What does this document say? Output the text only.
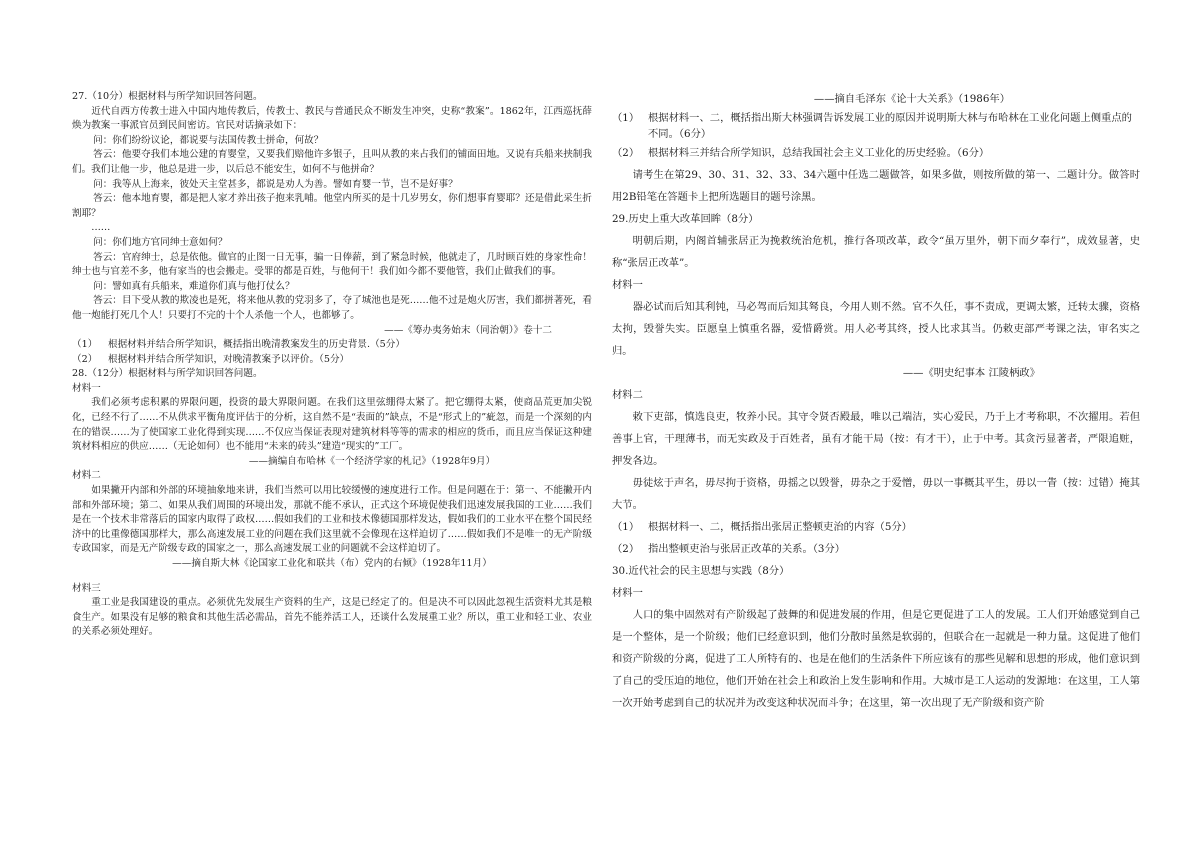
27.（10分）根据材料与所学知识回答问题。

近代自西方传教士进入中国内地传教后，传教士、教民与普通民众不断发生冲突，史称“教案”。1862年，江西巡抚薛焕为教案一事派官员到民间密访。官民对话摘录如下：

问：你们纷纷议论，都说要与法国传教士拼命，何故？

答云：他要夺我们本地公建的育婴堂，又要我们赔他许多银子，且叫从教的来占我们的铺面田地。又说有兵船来挟制我们。我们让他一步，他总是进一步，以后总不能安生，如何不与他拼命？

问：我等从上海来，彼处天主堂甚多，都说是劝人为善。譬如育婴一节，岂不是好事？

答云：他本地育婴，都是把人家才养出孩子抱来乳哺。他堂内所买的是十几岁男女，你们想事育婴耶？还是借此采生折割耶？

……

问：你们地方官同绅士意如何？

答云：官府绅士，总是依他。做官的止图一日无事，骗一日俸薪，到了紧急时候，他就走了，几时顾百姓的身家性命！绅士也与官差不多，他有家当的也会搬走。受罪的都是百姓，与他何干！我们如今都不要他管，我们止做我们的事。

问：譬如真有兵船来，难道你们真与他打仗么？

答云：目下受从教的欺凌也是死，将来他从教的党羽多了，夺了城池也是死……他不过是炮火厉害，我们都拼著死，看他一炮能打死几个人！只要打不完的十个人杀他一个人，也都够了。

——《筹办夷务始末（同治朝）》卷十二

（1）	根据材料并结合所学知识，概括指出晚清教案发生的历史背景.（5分）
（2）	根据材料并结合所学知识，对晚清教案予以评价。（5分）

28.（12分）根据材料与所学知识回答问题。

材料一

我们必须考虑积累的界限问题，投资的最大界限问题。在我们这里弦绷得太紧了。把它绷得太紧，使商品荒更加尖锐化，已经不行了……不从供求平衡角度评估于的分析，这自然不是“表面的”缺点，不是“形式上的”疵忽，而是一个深刻的内在的错误……为了使国家工业化得到实现……不仅应当保证表现对建筑材料等等的需求的相应的货币，而且应当保证这种建筑材料相应的供应……（无论如何）也不能用“未来的砖头”建造“现实的”工厂。

——摘编自布哈林《一个经济学家的札记》（1928年9月）

材料二

如果撇开内部和外部的环境抽象地来讲，我们当然可以用比较缓慢的速度进行工作。但是问题在于：第一、不能撇开内部和外部环境；第二、如果从我们周围的环境出发，那就不能不承认，正式这个环境促使我们迅速发展我国的工业……我们是在一个技术非常落后的国家内取得了政权……假如我们的工业和技术像德国那样发达，假如我们的工业水平在整个国民经济中的比重像德国那样大，那么高速发展工业的问题在我们这里就不会像现在这样迫切了……假如我们不是唯一的无产阶级专政国家，而是无产阶级专政的国家之一，那么高速发展工业的问题就不会这样迫切了。

——摘自斯大林《论国家工业化和联共（布）党内的右倾》（1928年11月）

材料三

重工业是我国建设的重点。必须优先发展生产资料的生产，这是已经定了的。但是决不可以因此忽视生活资料尤其是粮食生产。如果没有足够的粮食和其他生活必需品，首先不能养活工人，还谈什么发展重工业？所以，重工业和轻工业、农业的关系必须处理好。

——摘自毛泽东《论十大关系》（1986年）

（1） 根据材料一、二，概括指出斯大林强调告诉发展工业的原因并说明斯大林与布哈林在工业化问题上侧重点的不同。（6分）
（2） 根据材料三并结合所学知识，总结我国社会主义工业化的历史经验。（6分）

请考生在第29、30、31、32、33、34六题中任选二题做答，如果多做，则按所做的第一、二题计分。做答时用2B铅笔在答题卡上把所选题目的题号涂黑。

29.历史上重大改革回眸（8分）

明朝后期，内阁首辅张居正为挽救统治危机，推行各项改革，政令“虽万里外，朝下而夕奉行”，成效显著，史称“张居正改革”。

材料一

器必试而后知其利钝，马必驾而后知其驽良，今用人则不然。官不久任，事不责成，更调太繁，迁转太骤，资格太拘，毁誉失实。臣愿皇上慎重名器，爱惜爵赏。用人必考其终，授人比求其当。仍敕吏部严考课之法，审名实之归。

——《明史纪事本 江陵柄政》

材料二

敕下吏部，慎选良吏，牧养小民。其守令贤否殿最，唯以己端洁，实心爱民，乃于上才考称职，不次擢用。若但善事上官，干理薄书，而无实政及于百姓者，虽有才能干局（按：有才干），止于中考。其贪污显著者，严限追赃，押发各边。

毋徒炫于声名，毋尽拘于资格，毋摇之以毁誉，毋杂之于爱憎，毋以一事概其平生，毋以一眚（按：过错）掩其大节。

（1） 根据材料一、二，概括指出张居正整顿吏治的内容（5分）
（2） 指出整顿吏治与张居正改革的关系。（3分）

30.近代社会的民主思想与实践（8分）

材料一

人口的集中固然对有产阶级起了鼓舞的和促进发展的作用，但是它更促进了工人的发展。工人们开始感觉到自己是一个整体，是一个阶级；他们已经意识到，他们分散时虽然是软弱的，但联合在一起就是一种力量。这促进了他们和资产阶级的分离，促进了工人所特有的、也是在他们的生活条件下所应该有的那些见解和思想的形成，他们意识到了自己的受压迫的地位，他们开始在社会上和政治上发生影响和作用。大城市是工人运动的发源地：在这里，工人第一次开始考虑到自己的状况并为改变这种状况而斗争；在这里，第一次出现了无产阶级和资产阶
